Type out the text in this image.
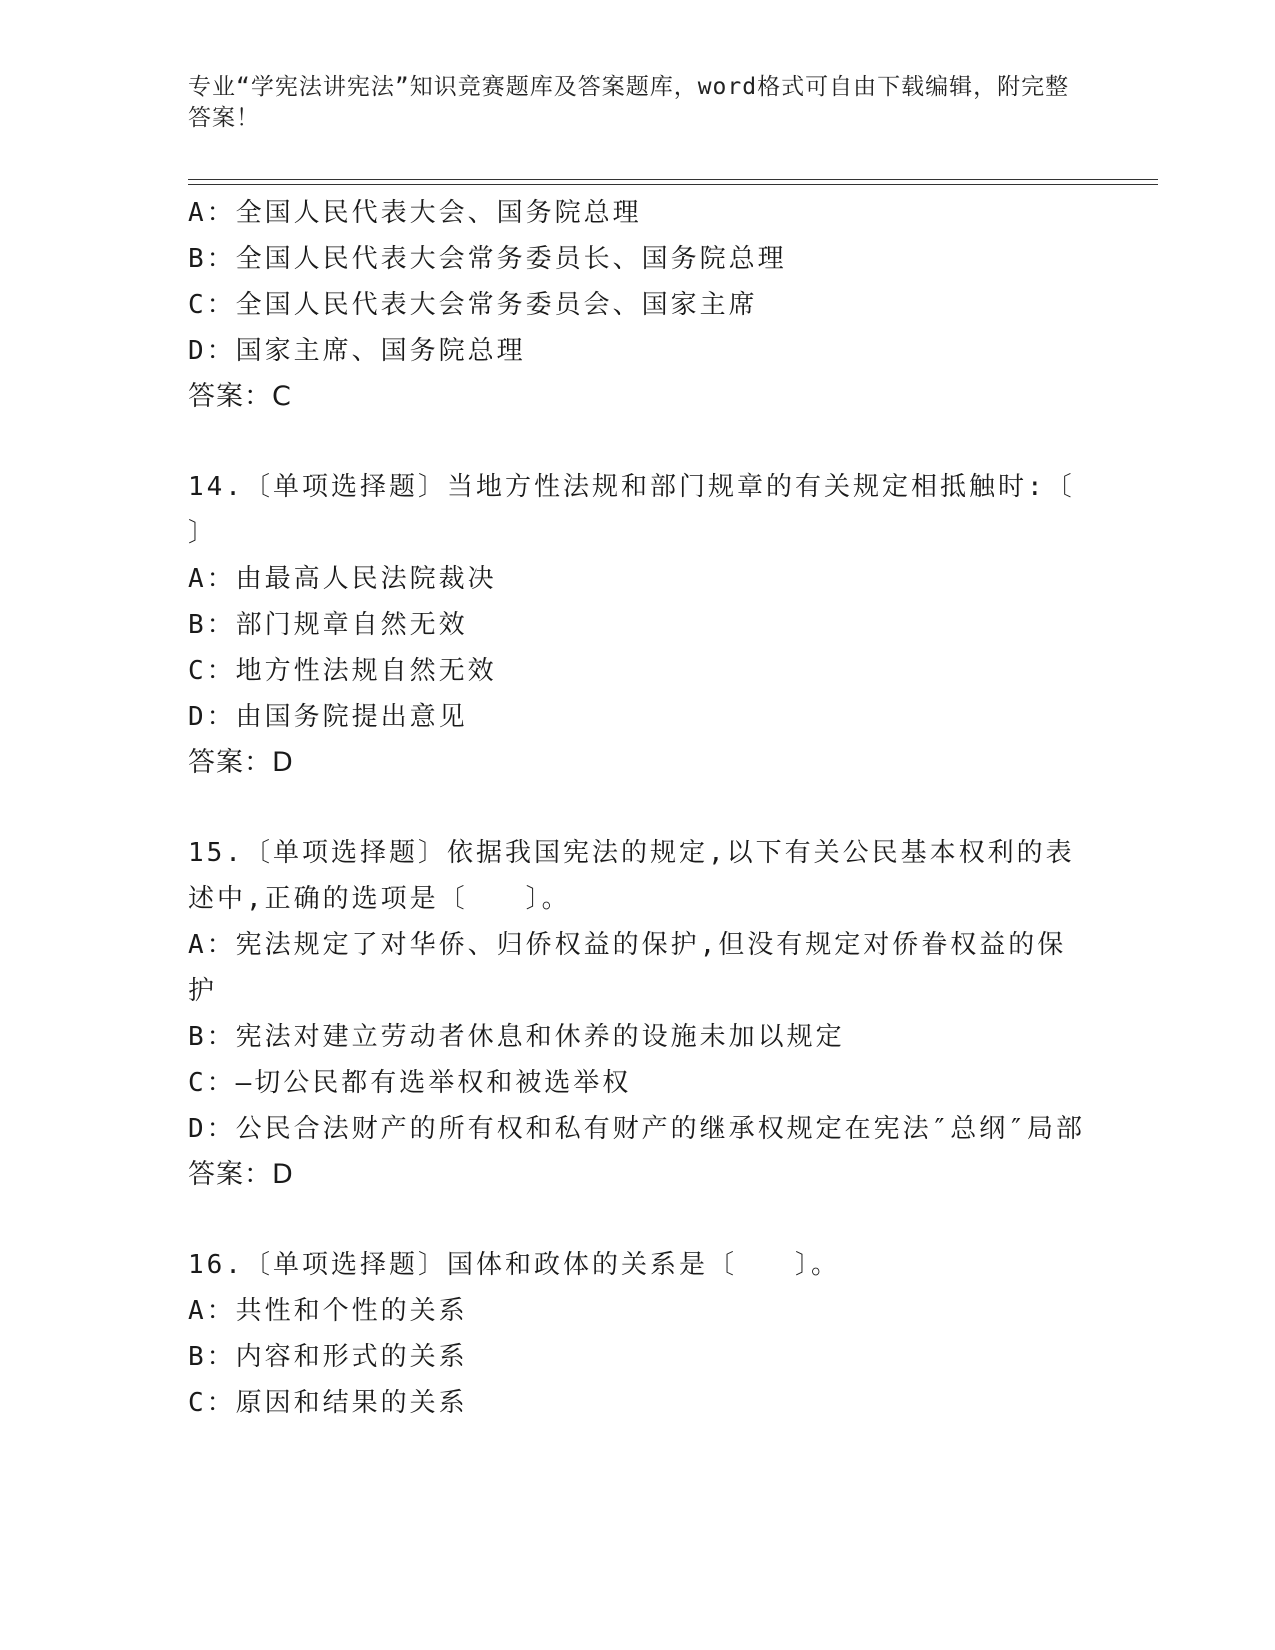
专业“学宪法讲宪法”知识竞赛题库及答案题库，word格式可自由下载编辑，附完整答案！
A：全国人民代表大会、国务院总理
B：全国人民代表大会常务委员长、国务院总理
C：全国人民代表大会常务委员会、国家主席
D：国家主席、国务院总理
答案：C
14.〔单项选择题〕当地方性法规和部门规章的有关规定相抵触时:〔 〕
A：由最高人民法院裁决
B：部门规章自然无效
C：地方性法规自然无效
D：由国务院提出意见
答案：D
15.〔单项选择题〕依据我国宪法的规定,以下有关公民基本权利的表述中,正确的选项是〔　　〕。
A：宪法规定了对华侨、归侨权益的保护,但没有规定对侨眷权益的保护
B：宪法对建立劳动者休息和休养的设施未加以规定
C：—切公民都有选举权和被选举权
D：公民合法财产的所有权和私有财产的继承权规定在宪法″总纲″局部
答案：D
16.〔单项选择题〕国体和政体的关系是〔　　〕。
A：共性和个性的关系
B：内容和形式的关系
C：原因和结果的关系
